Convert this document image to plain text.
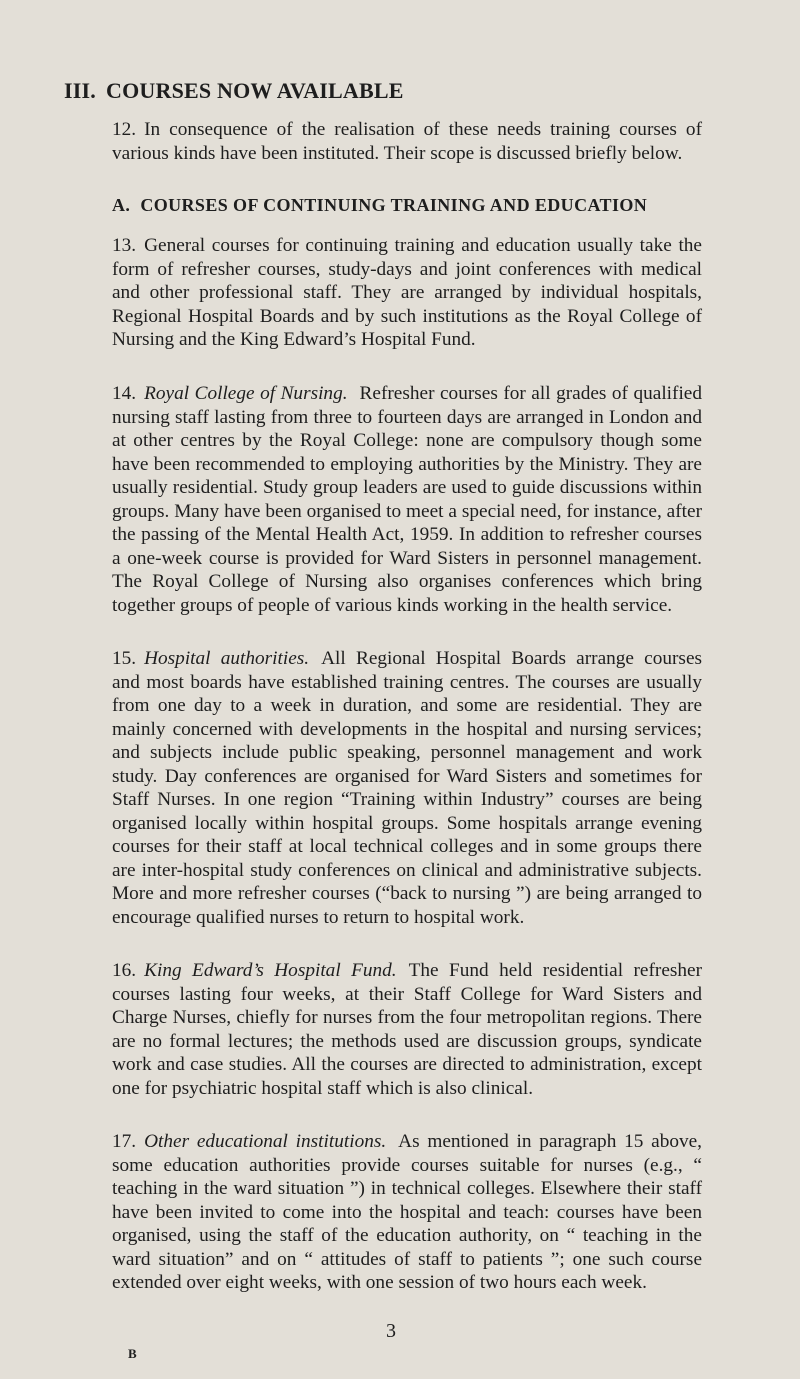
III. COURSES NOW AVAILABLE

12. In consequence of the realisation of these needs training courses of various kinds have been instituted. Their scope is discussed briefly below.

A. COURSES OF CONTINUING TRAINING AND EDUCATION

13. General courses for continuing training and education usually take the form of refresher courses, study-days and joint conferences with medical and other professional staff. They are arranged by individual hospitals, Regional Hospital Boards and by such institutions as the Royal College of Nursing and the King Edward’s Hospital Fund.

14. Royal College of Nursing. Refresher courses for all grades of qualified nursing staff lasting from three to fourteen days are arranged in London and at other centres by the Royal College: none are compulsory though some have been recommended to employing authorities by the Ministry. They are usually residential. Study group leaders are used to guide discussions within groups. Many have been organised to meet a special need, for instance, after the passing of the Mental Health Act, 1959. In addition to refresher courses a one-week course is provided for Ward Sisters in personnel management. The Royal College of Nursing also organises conferences which bring together groups of people of various kinds working in the health service.

15. Hospital authorities. All Regional Hospital Boards arrange courses and most boards have established training centres. The courses are usually from one day to a week in duration, and some are residential. They are mainly concerned with developments in the hospital and nursing services; and subjects include public speaking, personnel management and work study. Day conferences are organised for Ward Sisters and sometimes for Staff Nurses. In one region “Training within Industry” courses are being organised locally within hospital groups. Some hospitals arrange evening courses for their staff at local technical colleges and in some groups there are inter-hospital study conferences on clinical and administrative subjects. More and more refresher courses (“back to nursing ”) are being arranged to encourage qualified nurses to return to hospital work.

16. King Edward’s Hospital Fund. The Fund held residential refresher courses lasting four weeks, at their Staff College for Ward Sisters and Charge Nurses, chiefly for nurses from the four metropolitan regions. There are no formal lectures; the methods used are discussion groups, syndicate work and case studies. All the courses are directed to administration, except one for psychiatric hospital staff which is also clinical.

17. Other educational institutions. As mentioned in paragraph 15 above, some education authorities provide courses suitable for nurses (e.g., “ teaching in the ward situation ”) in technical colleges. Elsewhere their staff have been invited to come into the hospital and teach: courses have been organised, using the staff of the education authority, on “ teaching in the ward situation” and on “ attitudes of staff to patients ”; one such course extended over eight weeks, with one session of two hours each week.

3
B
